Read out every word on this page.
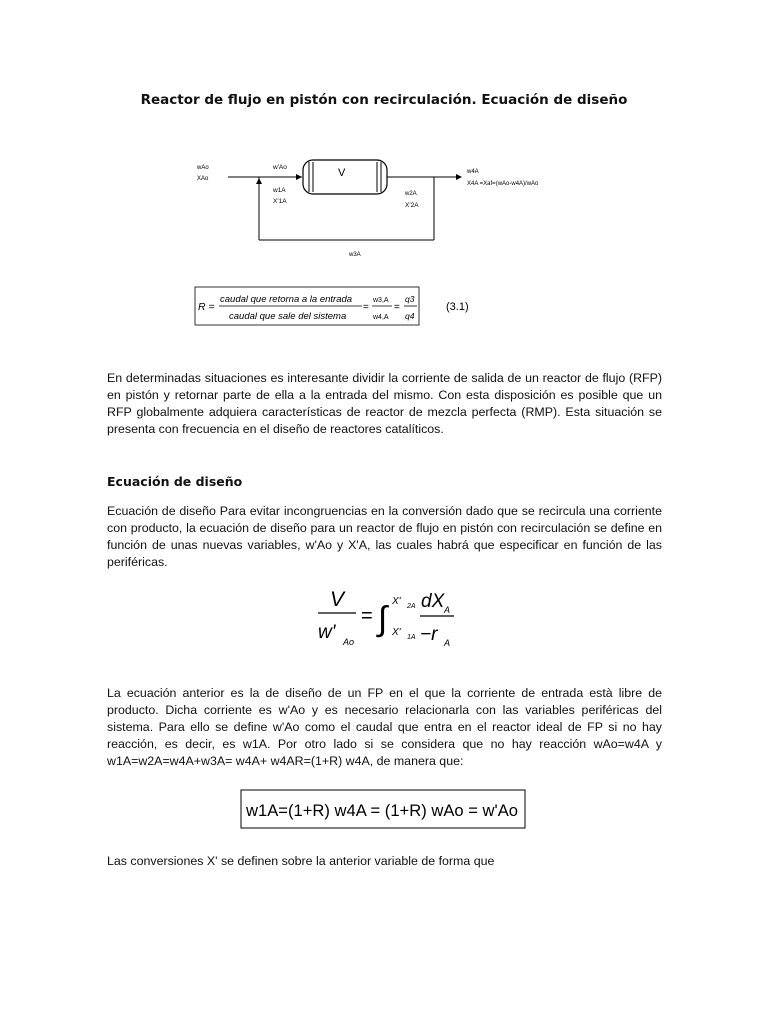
Reactor de flujo en pistón con recirculación. Ecuación de diseño
V
wAo
XAo
w'Ao
w1A
X'1A
w2A
X'2A
w4A
X4A =Xaf=(wAo-w4A)/wAo
w3A
R =
caudal que retorna a la entrada
caudal que sale del sistema
=
w3,A
w4,A
=
q3
q4
(3.1)
En determinadas situaciones es interesante dividir la corriente de salida de un reactor de flujo (RFP) en pistón y retornar parte de ella a la entrada del mismo. Con esta disposición es posible que un RFP globalmente adquiera características de reactor de mezcla perfecta (RMP). Esta situación se presenta con frecuencia en el diseño de reactores catalíticos.
Ecuación de diseño
Ecuación de diseño Para evitar incongruencias en la conversión dado que se recircula una corriente con producto, la ecuación de diseño para un reactor de flujo en pistón con recirculación se define en función de unas nuevas variables, w'Ao y X'A, las cuales habrá que especificar en función de las periféricas.
V
w' Ao
= ∫ X' 2A
X' 1A
dX A
−r A
La ecuación anterior es la de diseño de un FP en el que la corriente de entrada està libre de producto. Dicha corriente es w'Ao y es necesario relacionarla con las variables periféricas del sistema. Para ello se define w'Ao como el caudal que entra en el reactor ideal de FP si no hay reacción, es decir, es w1A. Por otro lado si se considera que no hay reacción wAo=w4A y w1A=w2A=w4A+w3A= w4A+ w4AR=(1+R) w4A, de manera que:
w1A=(1+R) w4A = (1+R) wAo = w'Ao
Las conversiones X' se definen sobre la anterior variable de forma que
